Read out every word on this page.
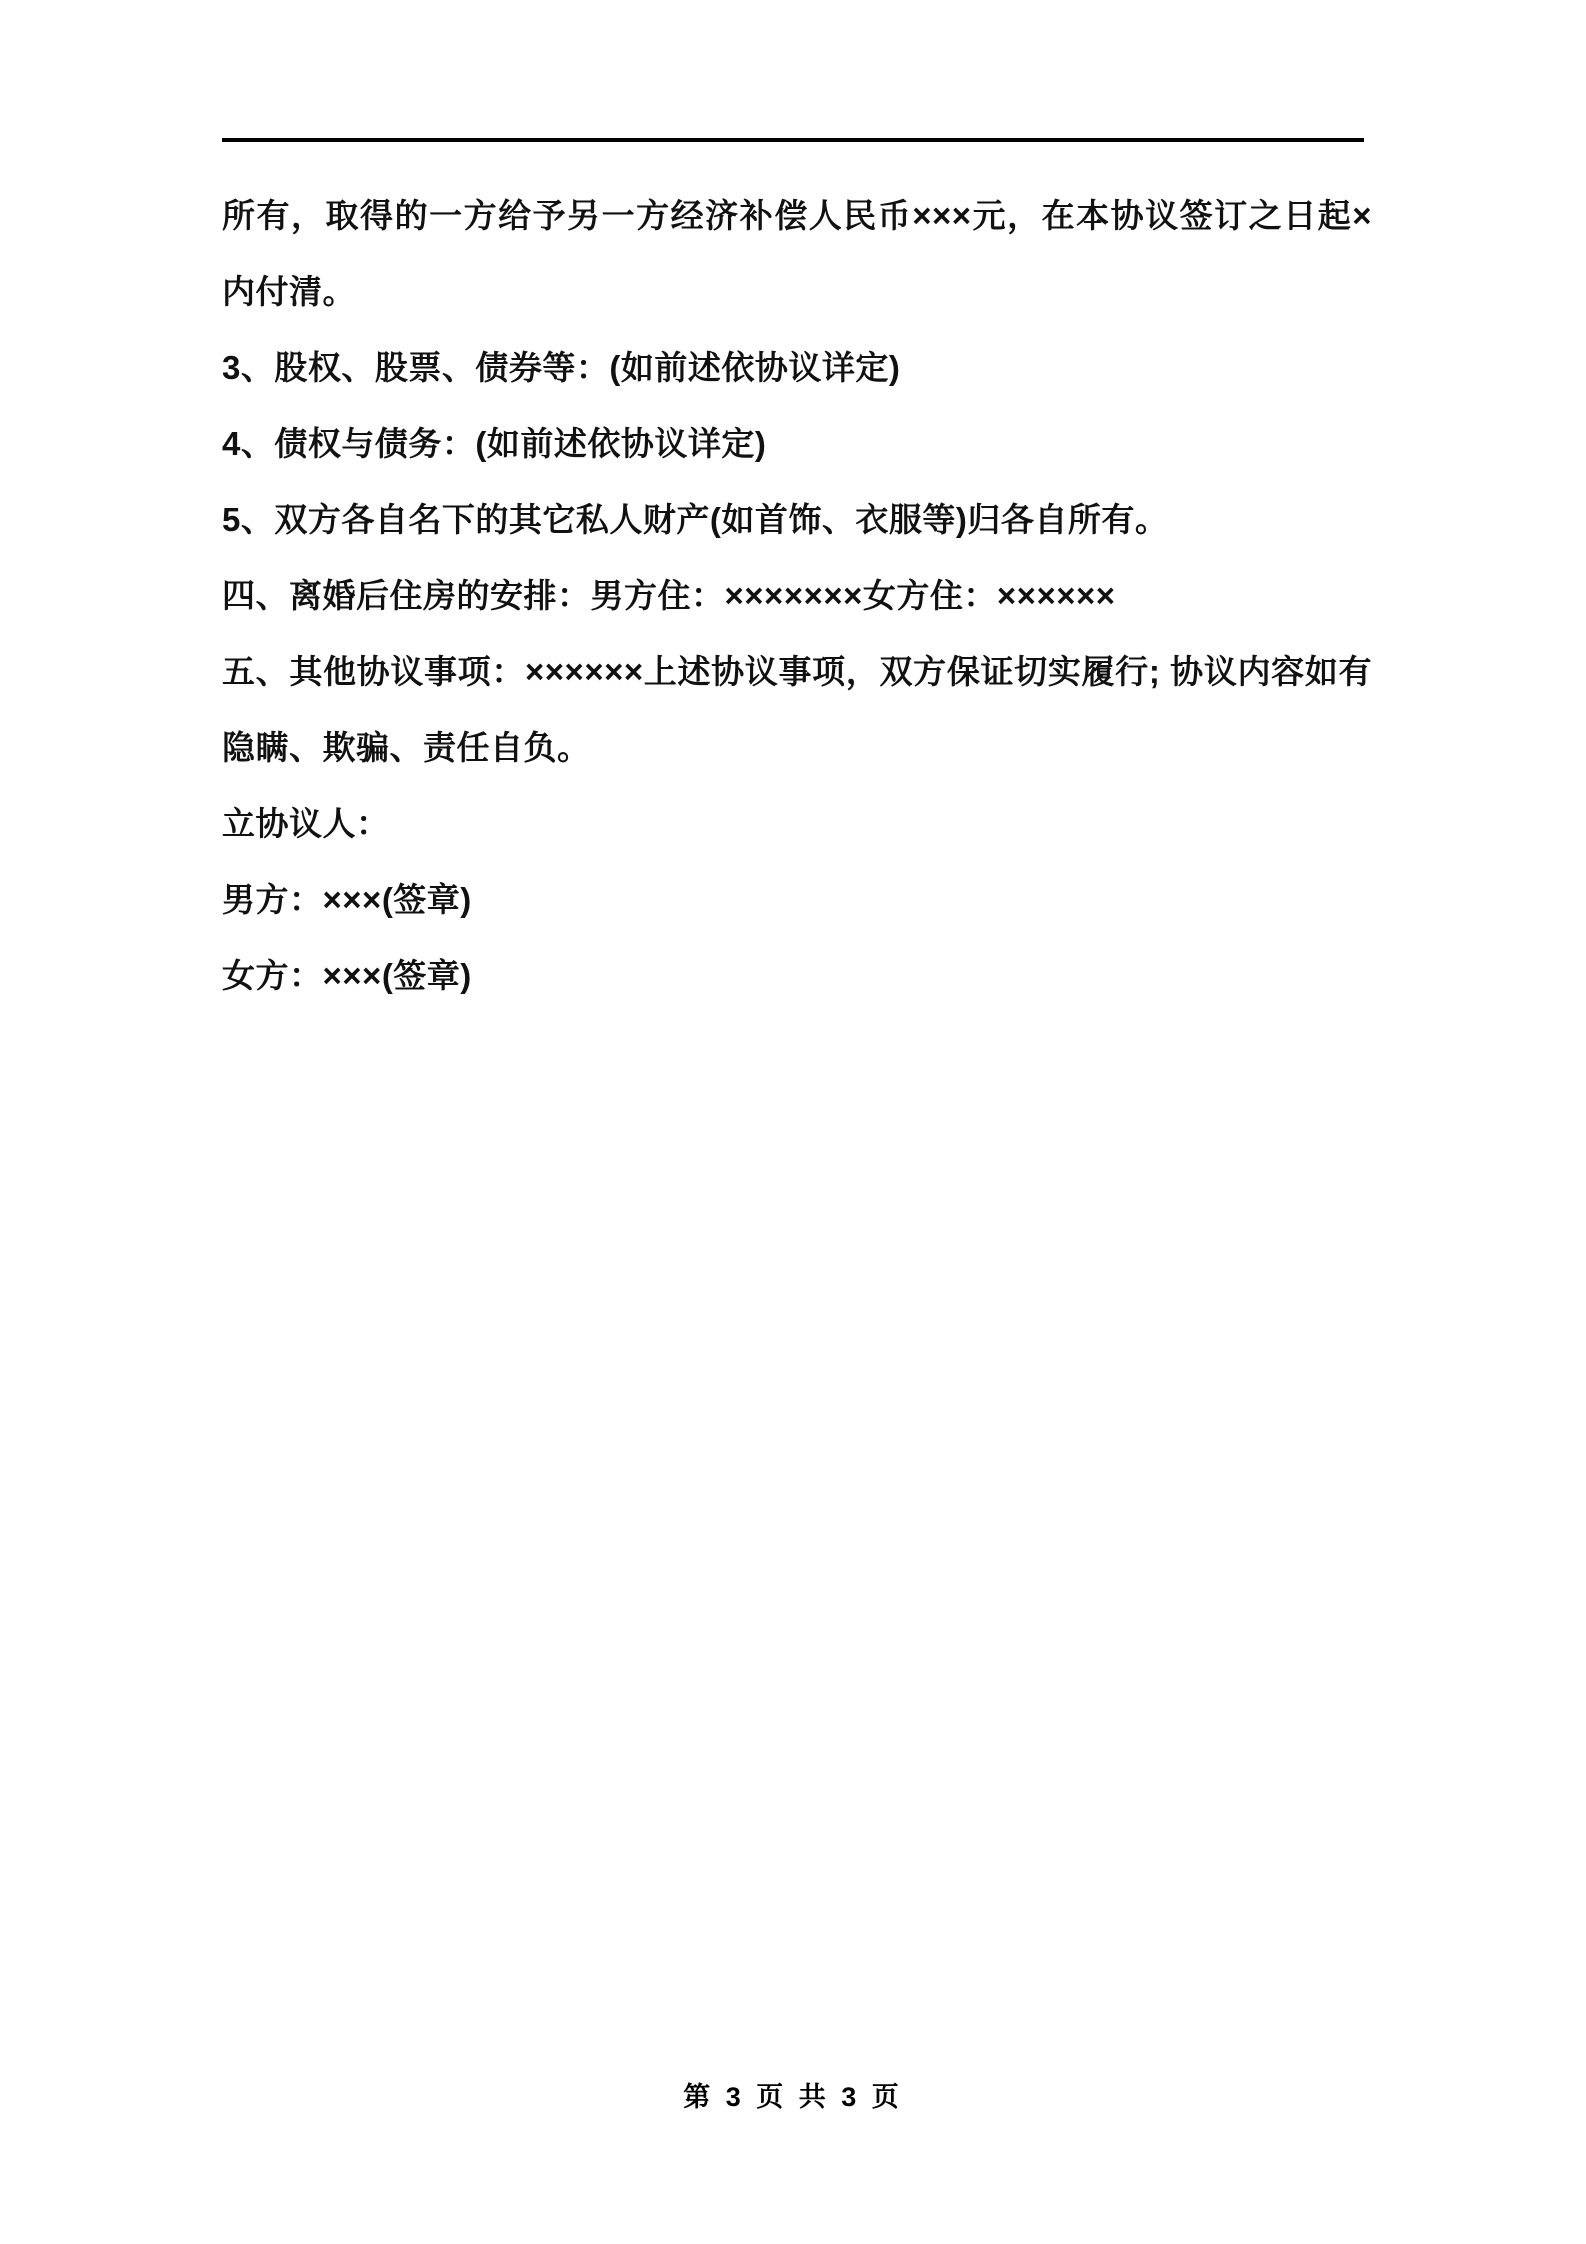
所有，取得的一方给予另一方经济补偿人民币×××元，在本协议签订之日起×内付清。

3、股权、股票、债券等：(如前述依协议详定)

4、债权与债务：(如前述依协议详定)

5、双方各自名下的其它私人财产(如首饰、衣服等)归各自所有。

四、离婚后住房的安排：男方住：×××××××女方住：××××××

五、其他协议事项：××××××上述协议事项，双方保证切实履行; 协议内容如有隐瞒、欺骗、责任自负。

立协议人：

男方：×××(签章)

女方：×××(签章)

第 3 页 共 3 页
